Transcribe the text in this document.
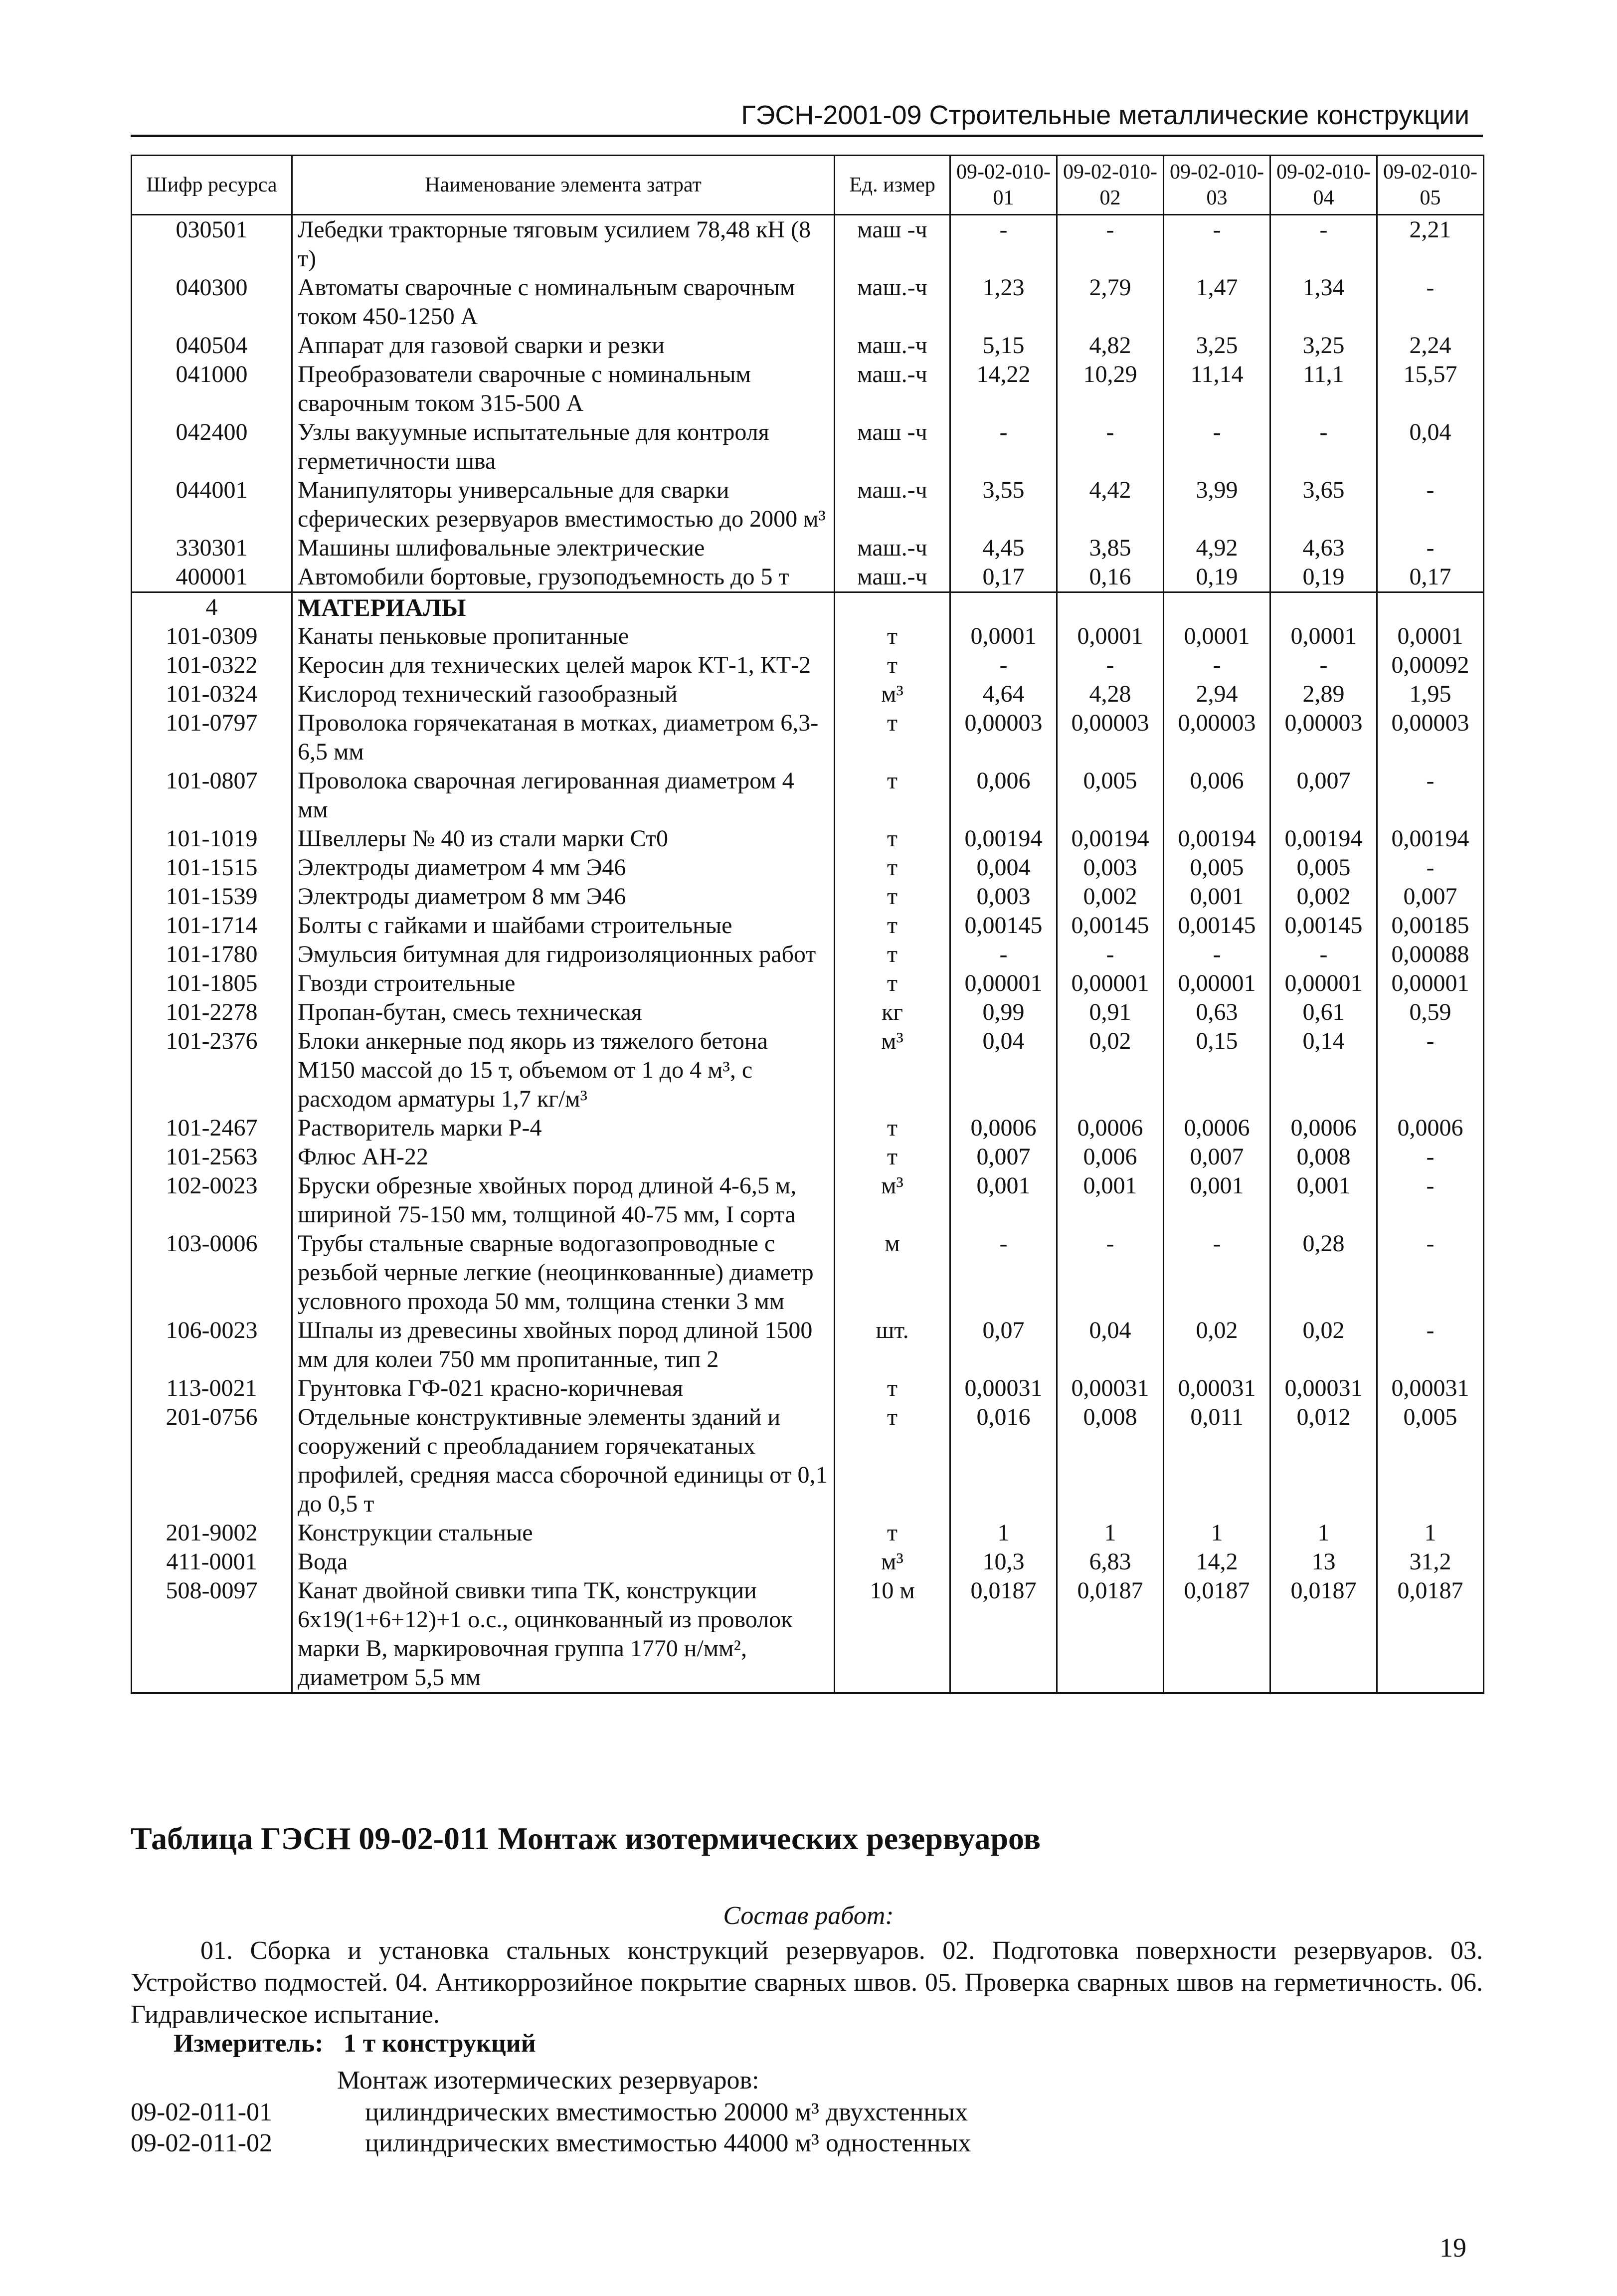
ГЭСН-2001-09 Строительные металлические конструкции
Шифр ресурса	Наименование элемента затрат	Ед. измер	09-02-010-01	09-02-010-02	09-02-010-03	09-02-010-04	09-02-010-05
030501	Лебедки тракторные тяговым усилием 78,48 кН (8 т)	маш -ч	-	-	-	-	2,21
040300	Автоматы сварочные с номинальным сварочным током 450-1250 А	маш.-ч	1,23	2,79	1,47	1,34	-
040504	Аппарат для газовой сварки и резки	маш.-ч	5,15	4,82	3,25	3,25	2,24
041000	Преобразователи сварочные с номинальным сварочным током 315-500 А	маш.-ч	14,22	10,29	11,14	11,1	15,57
042400	Узлы вакуумные испытательные для контроля герметичности шва	маш -ч	-	-	-	-	0,04
044001	Манипуляторы универсальные для сварки сферических резервуаров вместимостью до 2000 м³	маш.-ч	3,55	4,42	3,99	3,65	-
330301	Машины шлифовальные электрические	маш.-ч	4,45	3,85	4,92	4,63	-
400001	Автомобили бортовые, грузоподъемность до 5 т	маш.-ч	0,17	0,16	0,19	0,19	0,17
4	МАТЕРИАЛЫ						
101-0309	Канаты пеньковые пропитанные	т	0,0001	0,0001	0,0001	0,0001	0,0001
101-0322	Керосин для технических целей марок КТ-1, КТ-2	т	-	-	-	-	0,00092
101-0324	Кислород технический газообразный	м³	4,64	4,28	2,94	2,89	1,95
101-0797	Проволока горячекатаная в мотках, диаметром 6,3-6,5 мм	т	0,00003	0,00003	0,00003	0,00003	0,00003
101-0807	Проволока сварочная легированная диаметром 4 мм	т	0,006	0,005	0,006	0,007	-
101-1019	Швеллеры № 40 из стали марки Ст0	т	0,00194	0,00194	0,00194	0,00194	0,00194
101-1515	Электроды диаметром 4 мм Э46	т	0,004	0,003	0,005	0,005	-
101-1539	Электроды диаметром 8 мм Э46	т	0,003	0,002	0,001	0,002	0,007
101-1714	Болты с гайками и шайбами строительные	т	0,00145	0,00145	0,00145	0,00145	0,00185
101-1780	Эмульсия битумная для гидроизоляционных работ	т	-	-	-	-	0,00088
101-1805	Гвозди строительные	т	0,00001	0,00001	0,00001	0,00001	0,00001
101-2278	Пропан-бутан, смесь техническая	кг	0,99	0,91	0,63	0,61	0,59
101-2376	Блоки анкерные под якорь из тяжелого бетона М150 массой до 15 т, объемом от 1 до 4 м³, с расходом арматуры 1,7 кг/м³	м³	0,04	0,02	0,15	0,14	-
101-2467	Растворитель марки Р-4	т	0,0006	0,0006	0,0006	0,0006	0,0006
101-2563	Флюс АН-22	т	0,007	0,006	0,007	0,008	-
102-0023	Бруски обрезные хвойных пород длиной 4-6,5 м, шириной 75-150 мм, толщиной 40-75 мм, I сорта	м³	0,001	0,001	0,001	0,001	-
103-0006	Трубы стальные сварные водогазопроводные с резьбой черные легкие (неоцинкованные) диаметр условного прохода 50 мм, толщина стенки 3 мм	м	-	-	-	0,28	-
106-0023	Шпалы из древесины хвойных пород длиной 1500 мм для колеи 750 мм пропитанные, тип 2	шт.	0,07	0,04	0,02	0,02	-
113-0021	Грунтовка ГФ-021 красно-коричневая	т	0,00031	0,00031	0,00031	0,00031	0,00031
201-0756	Отдельные конструктивные элементы зданий и сооружений с преобладанием горячекатаных профилей, средняя масса сборочной единицы от 0,1 до 0,5 т	т	0,016	0,008	0,011	0,012	0,005
201-9002	Конструкции стальные	т	1	1	1	1	1
411-0001	Вода	м³	10,3	6,83	14,2	13	31,2
508-0097	Канат двойной свивки типа ТК, конструкции 6х19(1+6+12)+1 о.с., оцинкованный из проволок марки В, маркировочная группа 1770 н/мм², диаметром 5,5 мм	10 м	0,0187	0,0187	0,0187	0,0187	0,0187
Таблица ГЭСН 09-02-011 Монтаж изотермических резервуаров
Состав работ:
01. Сборка и установка стальных конструкций резервуаров. 02. Подготовка поверхности резервуаров. 03. Устройство подмостей. 04. Антикоррозийное покрытие сварных швов. 05. Проверка сварных швов на герметичность. 06. Гидравлическое испытание.
Измеритель: 1 т конструкций
Монтаж изотермических резервуаров:
09-02-011-01	цилиндрических вместимостью 20000 м³ двухстенных
09-02-011-02	цилиндрических вместимостью 44000 м³ одностенных
19
